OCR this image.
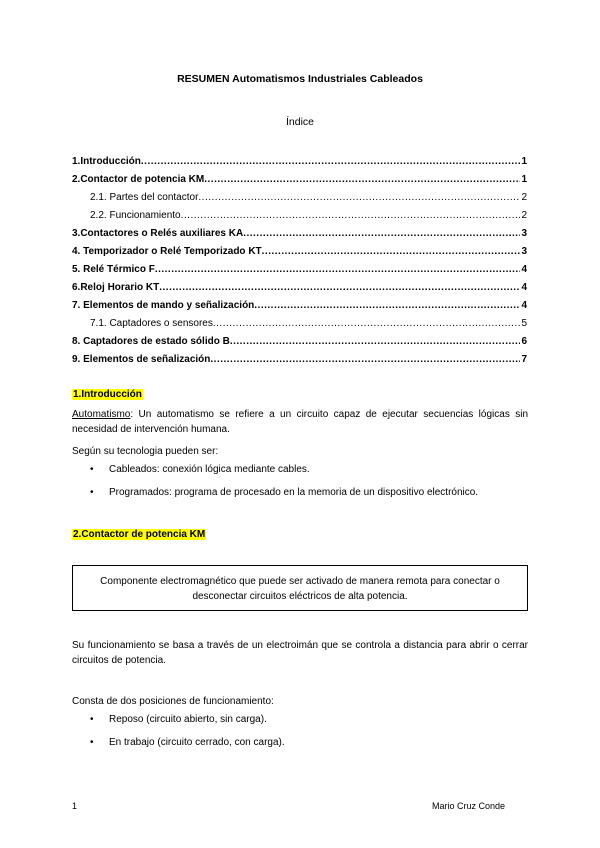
RESUMEN Automatismos Industriales Cableados
Índice
1.Introducción .....	1
2.Contactor de potencia KM .....	1
2.1. Partes del contactor .....	2
2.2. Funcionamiento .....	2
3.Contactores o Relés auxiliares KA .....	3
4. Temporizador o Relé Temporizado KT .....	3
5. Relé Térmico F .....	4
6.Reloj Horario KT .....	4
7. Elementos de mando y señalización .....	4
7.1. Captadores o sensores .....	5
8. Captadores de estado sólido B .....	6
9. Elementos de señalización .....	7
1.Introducción
Automatismo: Un automatismo se refiere a un circuito capaz de ejecutar secuencias lógicas sin necesidad de intervención humana.
Según su tecnologia pueden ser:
• Cableados: conexión lógica mediante cables.
• Programados: programa de procesado en la memoria de un dispositivo electrónico.
2.Contactor de potencia KM
Componente electromagnético que puede ser activado de manera remota para conectar o desconectar circuitos eléctricos de alta potencia.
Su funcionamiento se basa a través de un electroimán que se controla a distancia para abrir o cerrar circuitos de potencia.
Consta de dos posiciones de funcionamiento:
• Reposo (circuito abierto, sin carga).
• En trabajo (circuito cerrado, con carga).
1	Mario Cruz Conde
